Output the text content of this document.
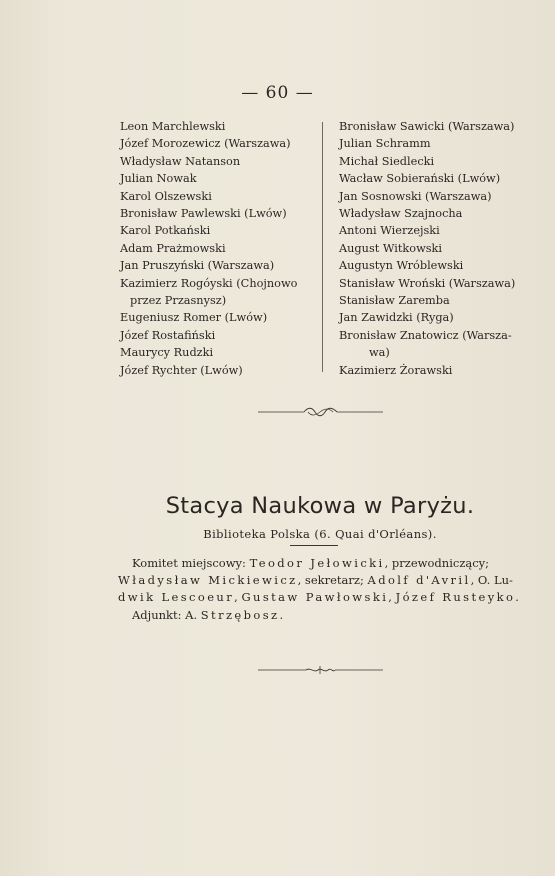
— 60 —
Leon Marchlewski
Józef Morozewicz (Warszawa)
Władysław Natanson
Julian Nowak
Karol Olszewski
Bronisław Pawlewski (Lwów)
Karol Potkański
Adam Prażmowski
Jan Pruszyński (Warszawa)
Kazimierz Rogóyski (Chojnowo
przez Przasnysz)
Eugeniusz Romer (Lwów)
Józef Rostafiński
Maurycy Rudzki
Józef Rychter (Lwów)
Bronisław Sawicki (Warszawa)
Julian Schramm
Michał Siedlecki
Wacław Sobierański (Lwów)
Jan Sosnowski (Warszawa)
Władysław Szajnocha
Antoni Wierzejski
August Witkowski
Augustyn Wróblewski
Stanisław Wroński (Warszawa)
Stanisław Zaremba
Jan Zawidzki (Ryga)
Bronisław Znatowicz (Warsza-
wa)
Kazimierz Żorawski
Stacya Naukowa w Paryżu.
Biblioteka Polska (6. Quai d'Orléans).
Komitet miejscowy: Teodor Jełowicki, przewodniczący;
Władysław Mickiewicz, sekretarz; Adolf d'Avril, O. Lu-
dwik Lescoeur, Gustaw Pawłowski, Józef Rusteyko.
Adjunkt: A. Strzębosz.
